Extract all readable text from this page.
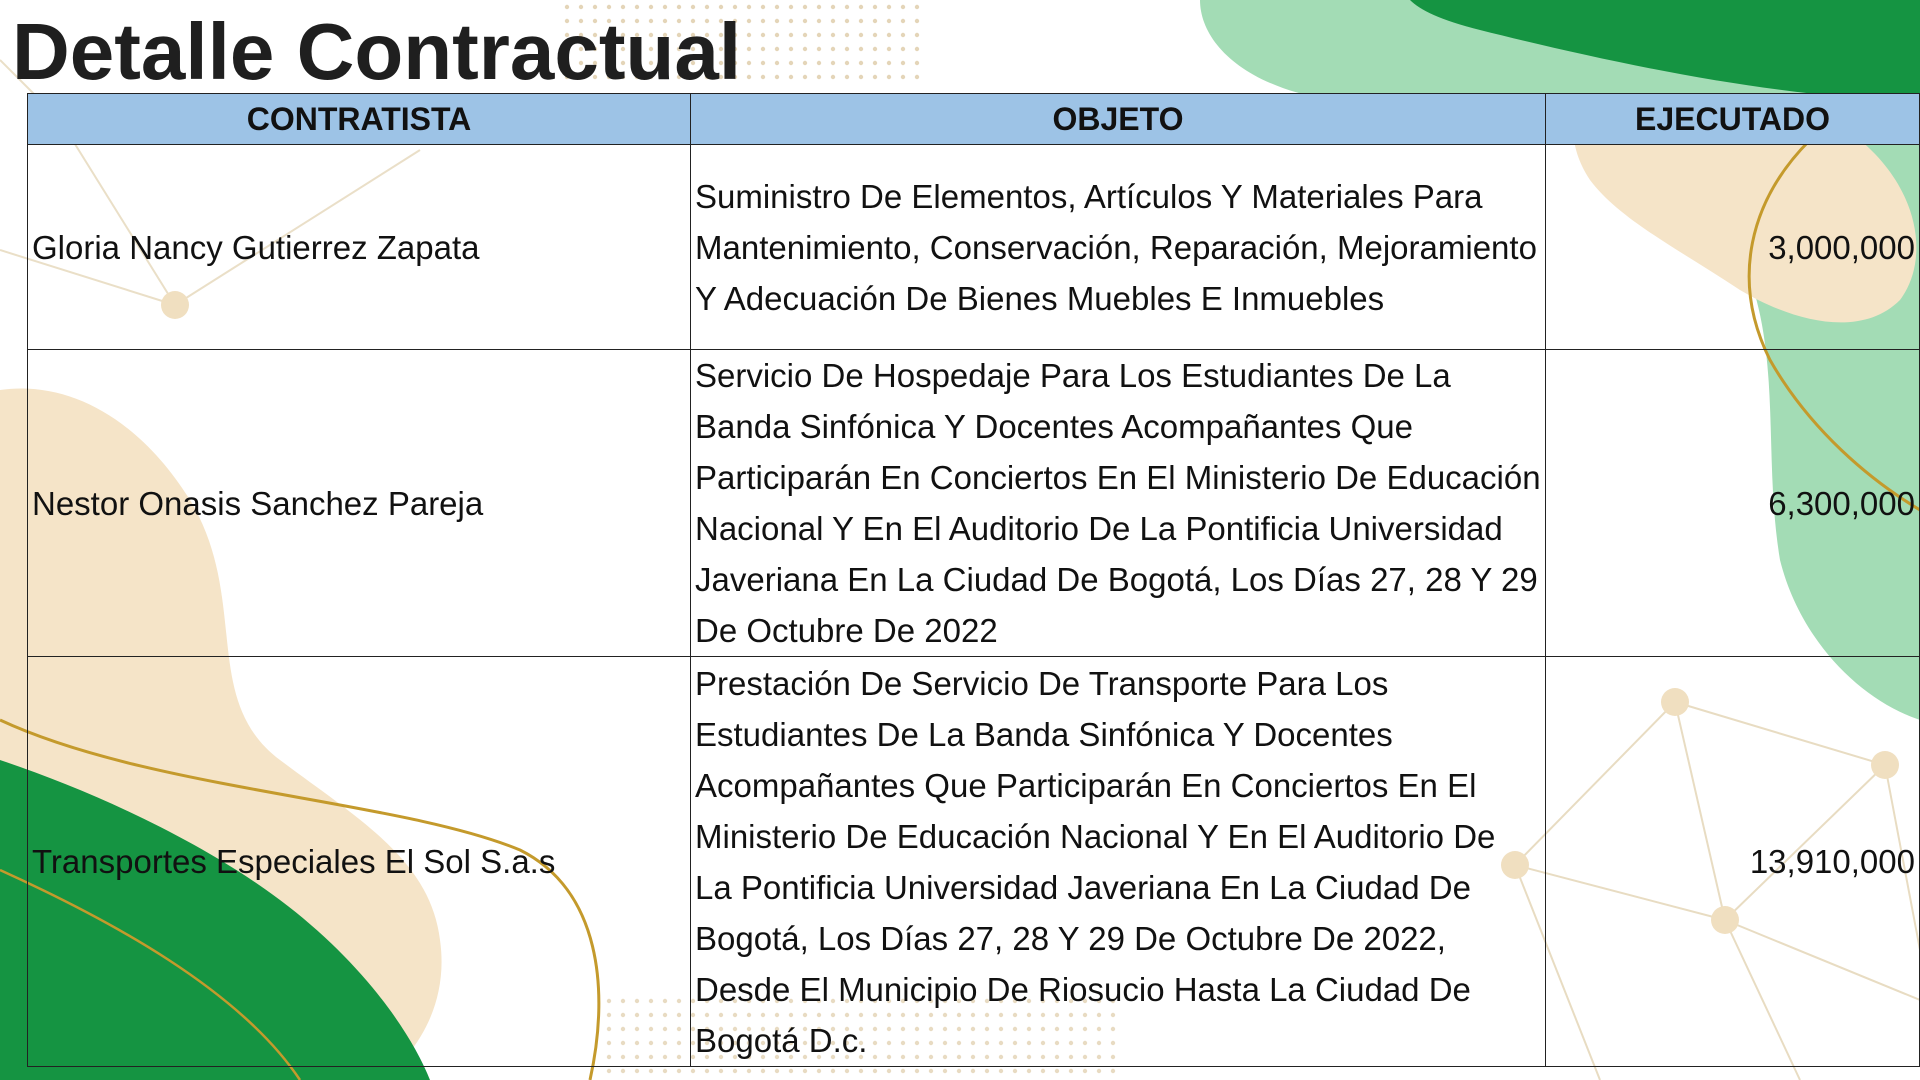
Detalle Contractual
CONTRATISTA	OBJETO	EJECUTADO
Gloria Nancy Gutierrez Zapata	Suministro De Elementos, Artículos Y Materiales Para Mantenimiento, Conservación, Reparación, Mejoramiento Y Adecuación De Bienes Muebles E Inmuebles	3,000,000
Nestor Onasis Sanchez Pareja	Servicio De Hospedaje Para Los Estudiantes De La Banda Sinfónica Y Docentes Acompañantes Que Participarán En Conciertos En El Ministerio De Educación Nacional Y En El Auditorio De La Pontificia Universidad Javeriana En La Ciudad De Bogotá, Los Días 27, 28 Y 29 De Octubre De 2022	6,300,000
Transportes Especiales El Sol S.a.s	Prestación De Servicio De Transporte Para Los Estudiantes De La Banda Sinfónica Y Docentes Acompañantes Que Participarán En Conciertos En El Ministerio De Educación Nacional Y En El Auditorio De La Pontificia Universidad Javeriana En La Ciudad De Bogotá, Los Días 27, 28 Y 29 De Octubre De 2022, Desde El Municipio De Riosucio Hasta La Ciudad De Bogotá D.c.	13,910,000
